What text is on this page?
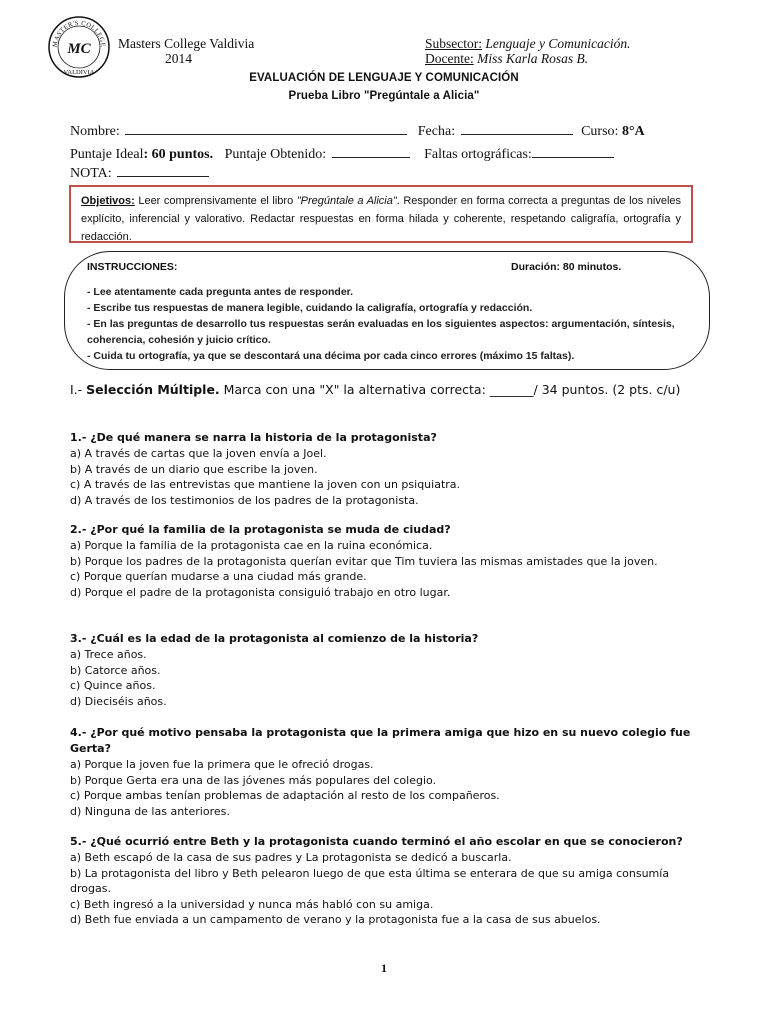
MASTER'S COLLEGE
MC
VALDIVIA
Masters College Valdivia
2014
Subsector: Lenguaje y Comunicación.
Docente: Miss Karla Rosas B.
EVALUACIÓN DE LENGUAJE Y COMUNICACIÓN
Prueba Libro "Pregúntale a Alicia"
Nombre:	Fecha:	Curso: 8°A
Puntaje Ideal: 60 puntos. Puntaje Obtenido:	Faltas ortográficas:
NOTA:
Objetivos: Leer comprensivamente el libro "Pregúntale a Alicia". Responder en forma correcta a preguntas de los niveles explícito, inferencial y valorativo. Redactar respuestas en forma hilada y coherente, respetando caligrafía, ortografía y redacción.
INSTRUCCIONES:	Duración: 80 minutos.
- Lee atentamente cada pregunta antes de responder.
- Escribe tus respuestas de manera legible, cuidando la caligrafía, ortografía y redacción.
- En las preguntas de desarrollo tus respuestas serán evaluadas en los siguientes aspectos: argumentación, síntesis, coherencia, cohesión y juicio crítico.
- Cuida tu ortografía, ya que se descontará una décima por cada cinco errores (máximo 15 faltas).
I.- Selección Múltiple. Marca con una "X" la alternativa correcta: _______/ 34 puntos. (2 pts. c/u)
1.- ¿De qué manera se narra la historia de la protagonista?
a) A través de cartas que la joven envía a Joel.
b) A través de un diario que escribe la joven.
c) A través de las entrevistas que mantiene la joven con un psiquiatra.
d) A través de los testimonios de los padres de la protagonista.
2.- ¿Por qué la familia de la protagonista se muda de ciudad?
a) Porque la familia de la protagonista cae en la ruina económica.
b) Porque los padres de la protagonista querían evitar que Tim tuviera las mismas amistades que la joven.
c) Porque querían mudarse a una ciudad más grande.
d) Porque el padre de la protagonista consiguió trabajo en otro lugar.
3.- ¿Cuál es la edad de la protagonista al comienzo de la historia?
a) Trece años.
b) Catorce años.
c) Quince años.
d) Dieciséis años.
4.- ¿Por qué motivo pensaba la protagonista que la primera amiga que hizo en su nuevo colegio fue Gerta?
a) Porque la joven fue la primera que le ofreció drogas.
b) Porque Gerta era una de las jóvenes más populares del colegio.
c) Porque ambas tenían problemas de adaptación al resto de los compañeros.
d) Ninguna de las anteriores.
5.- ¿Qué ocurrió entre Beth y la protagonista cuando terminó el año escolar en que se conocieron?
a) Beth escapó de la casa de sus padres y La protagonista se dedicó a buscarla.
b) La protagonista del libro y Beth pelearon luego de que esta última se enterara de que su amiga consumía drogas.
c) Beth ingresó a la universidad y nunca más habló con su amiga.
d) Beth fue enviada a un campamento de verano y la protagonista fue a la casa de sus abuelos.
1
